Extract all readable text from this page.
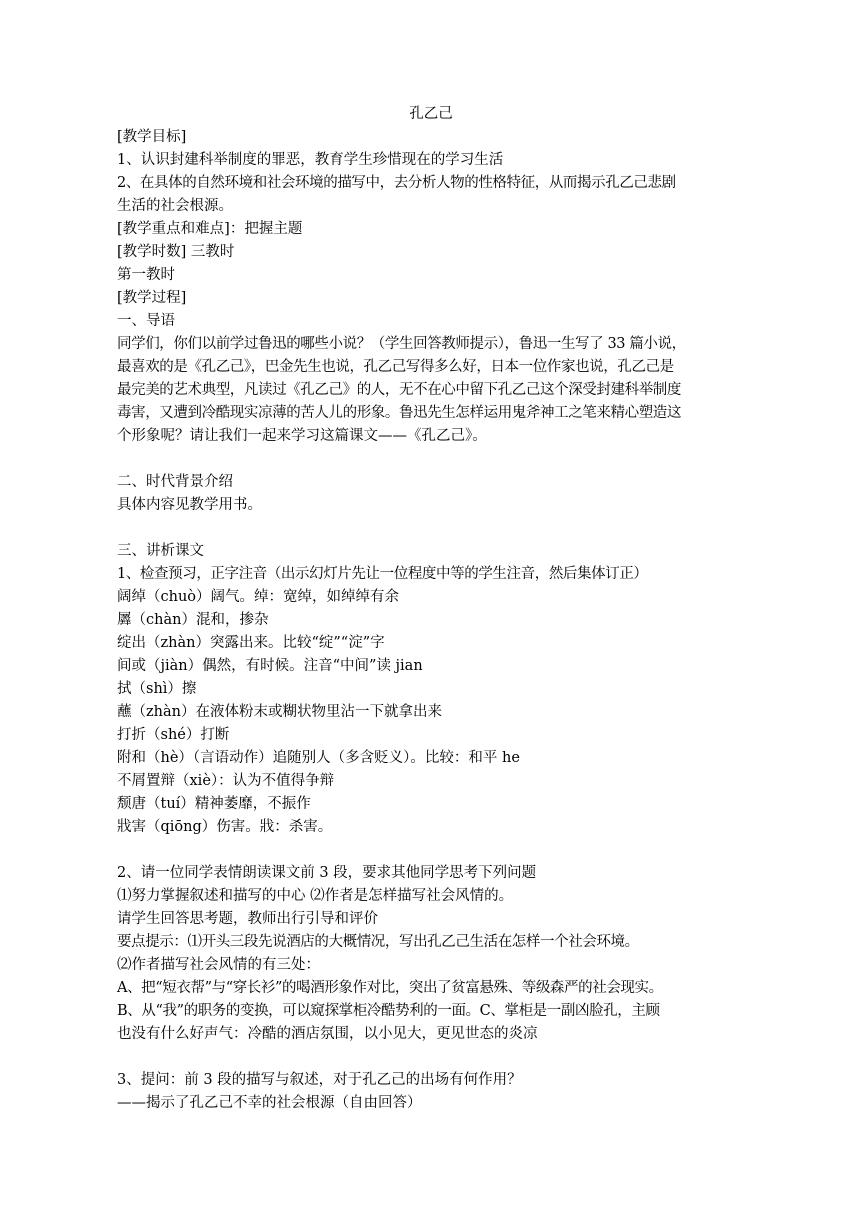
孔乙己

[教学目标]

1、认识封建科举制度的罪恶，教育学生珍惜现在的学习生活

2、在具体的自然环境和社会环境的描写中，去分析人物的性格特征，从而揭示孔乙己悲剧

生活的社会根源。

[教学重点和难点]：把握主题

[教学时数] 三教时

第一教时

[教学过程]

一、导语

同学们，你们以前学过鲁迅的哪些小说？（学生回答教师提示），鲁迅一生写了 33 篇小说，

最喜欢的是《孔乙己》，巴金先生也说，孔乙己写得多么好，日本一位作家也说，孔乙己是

最完美的艺术典型，凡读过《孔乙己》的人，无不在心中留下孔乙己这个深受封建科举制度

毒害，又遭到冷酷现实凉薄的苦人儿的形象。鲁迅先生怎样运用鬼斧神工之笔来精心塑造这

个形象呢？请让我们一起来学习这篇课文——《孔乙己》。

二、时代背景介绍

具体内容见教学用书。

三、讲析课文

1、检查预习，正字注音（出示幻灯片先让一位程度中等的学生注音，然后集体订正）

阔绰（chuò）阔气。绰：宽绰，如绰绰有余

羼（chàn）混和，掺杂

绽出（zhàn）突露出来。比较“绽”“淀”字

间或（jiàn）偶然，有时候。注音“中间”读 jian

拭（shì）擦

蘸（zhàn）在液体粉末或糊状物里沾一下就拿出来

打折（shé）打断

附和（hè）（言语动作）追随别人（多含贬义）。比较：和平 he

不屑置辩（xiè）：认为不值得争辩

颓唐（tuí）精神萎靡，不振作

戕害（qiōng）伤害。戕：杀害。

2、请一位同学表情朗读课文前 3 段，要求其他同学思考下列问题

⑴努力掌握叙述和描写的中心 ⑵作者是怎样描写社会风情的。

请学生回答思考题，教师出行引导和评价

要点提示：⑴开头三段先说酒店的大概情况，写出孔乙己生活在怎样一个社会环境。

⑵作者描写社会风情的有三处：

A、把“短衣帮”与“穿长衫”的喝酒形象作对比，突出了贫富悬殊、等级森严的社会现实。

B、从“我”的职务的变换，可以窥探掌柜冷酷势利的一面。C、掌柜是一副凶脸孔，主顾

也没有什么好声气：冷酷的酒店氛围，以小见大，更见世态的炎凉

3、提问：前 3 段的描写与叙述，对于孔乙己的出场有何作用？

——揭示了孔乙己不幸的社会根源（自由回答）
